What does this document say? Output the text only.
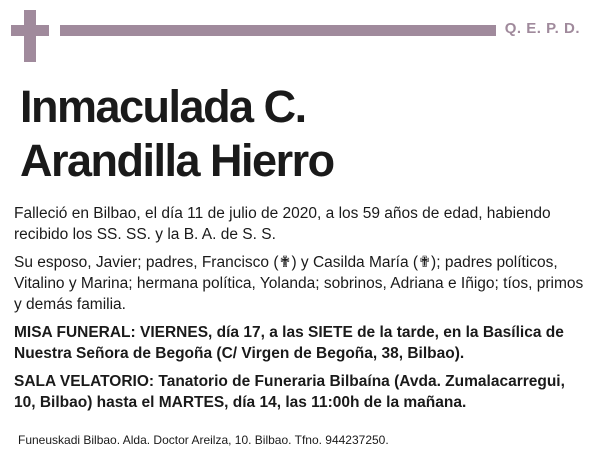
Q. E. P. D.
Inmaculada C.
Arandilla Hierro

Falleció en Bilbao, el día 11 de julio de 2020, a los 59 años de edad, habiendo recibido los SS. SS. y la B. A. de S. S.

Su esposo, Javier; padres, Francisco (✟) y Casilda María (✟); padres políticos, Vitalino y Marina; hermana política, Yolanda; sobrinos, Adriana e Iñigo; tíos, primos y demás familia.

MISA FUNERAL: VIERNES, día 17, a las SIETE de la tarde, en la Basílica de Nuestra Señora de Begoña (C/ Virgen de Begoña, 38, Bilbao).

SALA VELATORIO: Tanatorio de Funeraria Bilbaína (Avda. Zumalacarregui, 10, Bilbao) hasta el MARTES, día 14, las 11:00h de la mañana.

Funeuskadi Bilbao. Alda. Doctor Areilza, 10. Bilbao. Tfno. 944237250.
